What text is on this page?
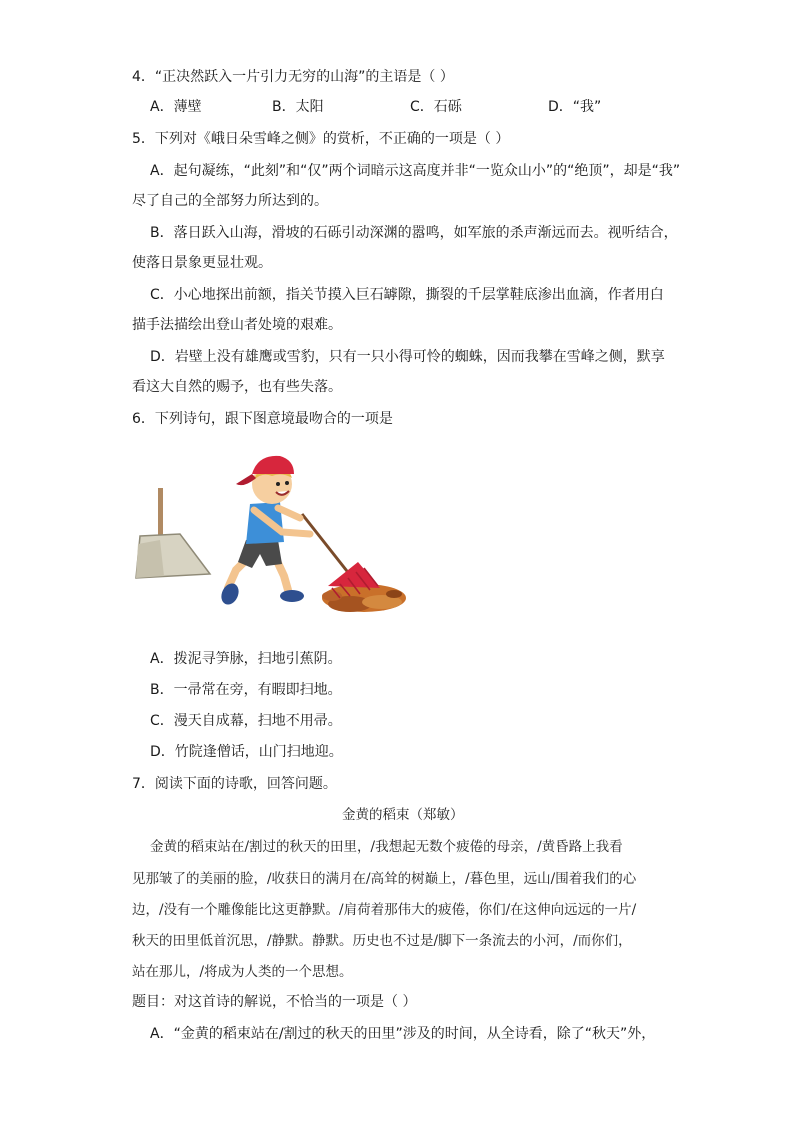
4．“正决然跃入一片引力无穷的山海”的主语是（ ）
A．薄壁	B．太阳	C．石砾	D．“我”
5．下列对《峨日朵雪峰之侧》的赏析，不正确的一项是（ ）
A．起句凝练，“此刻”和“仅”两个词暗示这高度并非“一览众山小”的“绝顶”，却是“我”
尽了自己的全部努力所达到的。
B．落日跃入山海，滑坡的石砾引动深渊的嚣鸣，如军旅的杀声渐远而去。视听结合，
使落日景象更显壮观。
C．小心地探出前额，指关节摸入巨石罅隙，撕裂的千层掌鞋底渗出血滴，作者用白
描手法描绘出登山者处境的艰难。
D．岩壁上没有雄鹰或雪豹，只有一只小得可怜的蜘蛛，因而我攀在雪峰之侧，默享
看这大自然的赐予，也有些失落。
6．下列诗句，跟下图意境最吻合的一项是
A．拨泥寻笋脉，扫地引蕉阴。
B．一帚常在旁，有暇即扫地。
C．漫天自成幕，扫地不用帚。
D．竹院逢僧话，山门扫地迎。
7．阅读下面的诗歌，回答问题。
金黄的稻束（郑敏）
金黄的稻束站在/割过的秋天的田里，/我想起无数个疲倦的母亲，/黄昏路上我看
见那皱了的美丽的脸，/收获日的满月在/高耸的树巅上，/暮色里，远山/围着我们的心
边，/没有一个雕像能比这更静默。/肩荷着那伟大的疲倦，你们/在这伸向远远的一片/
秋天的田里低首沉思，/静默。静默。历史也不过是/脚下一条流去的小河，/而你们，
站在那儿，/将成为人类的一个思想。
题目：对这首诗的解说，不恰当的一项是（ ）
A．“金黄的稻束站在/割过的秋天的田里”涉及的时间，从全诗看，除了“秋天”外，
